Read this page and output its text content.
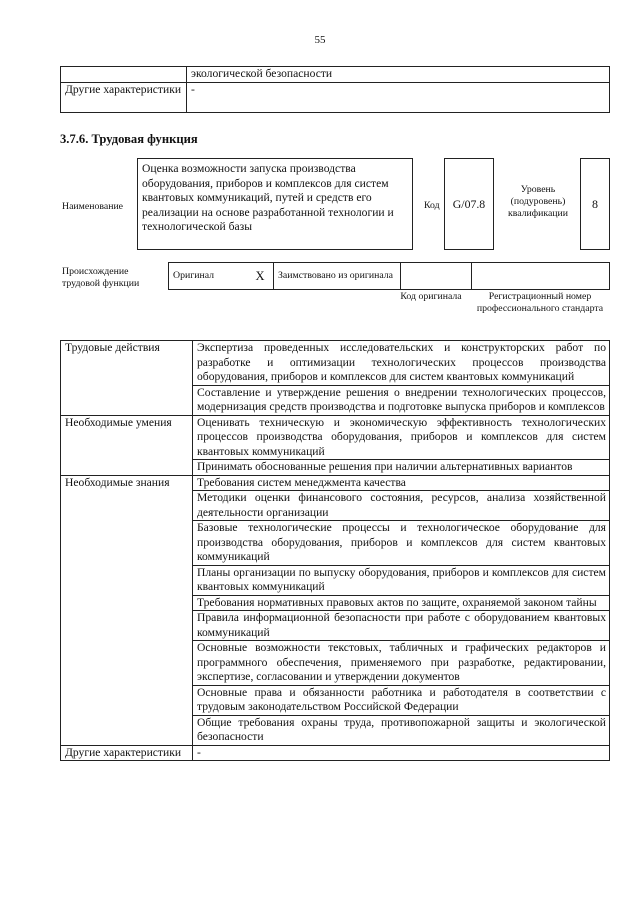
55
	экологической безопасности
Другие характеристики	-
3.7.6. Трудовая функция
Наименование
Оценка возможности запуска производства оборудования, приборов и комплексов для систем квантовых коммуникаций, путей и средств его реализации на основе разработанной технологии и технологической базы
Код	G/07.8
Уровень (подуровень) квалификации
8
Происхождение трудовой функции
Оригинал	X	Заимствовано из оригинала		
Код оригинала	Регистрационный номер профессионального стандарта
Трудовые действия	Экспертиза проведенных исследовательских и конструкторских работ по разработке и оптимизации технологических процессов производства оборудования, приборов и комплексов для систем квантовых коммуникаций
	Составление и утверждение решения о внедрении технологических процессов, модернизация средств производства и подготовке выпуска приборов и комплексов
Необходимые умения	Оценивать техническую и экономическую эффективность технологических процессов производства оборудования, приборов и комплексов для систем квантовых коммуникаций
	Принимать обоснованные решения при наличии альтернативных вариантов
Необходимые знания	Требования систем менеджмента качества
	Методики оценки финансового состояния, ресурсов, анализа хозяйственной деятельности организации
	Базовые технологические процессы и технологическое оборудование для производства оборудования, приборов и комплексов для систем квантовых коммуникаций
	Планы организации по выпуску оборудования, приборов и комплексов для систем квантовых коммуникаций
	Требования нормативных правовых актов по защите, охраняемой законом тайны
	Правила информационной безопасности при работе с оборудованием квантовых коммуникаций
	Основные возможности текстовых, табличных и графических редакторов и программного обеспечения, применяемого при разработке, редактировании, экспертизе, согласовании и утверждении документов
	Основные права и обязанности работника и работодателя в соответствии с трудовым законодательством Российской Федерации
	Общие требования охраны труда, противопожарной защиты и экологической безопасности
Другие характеристики	-
